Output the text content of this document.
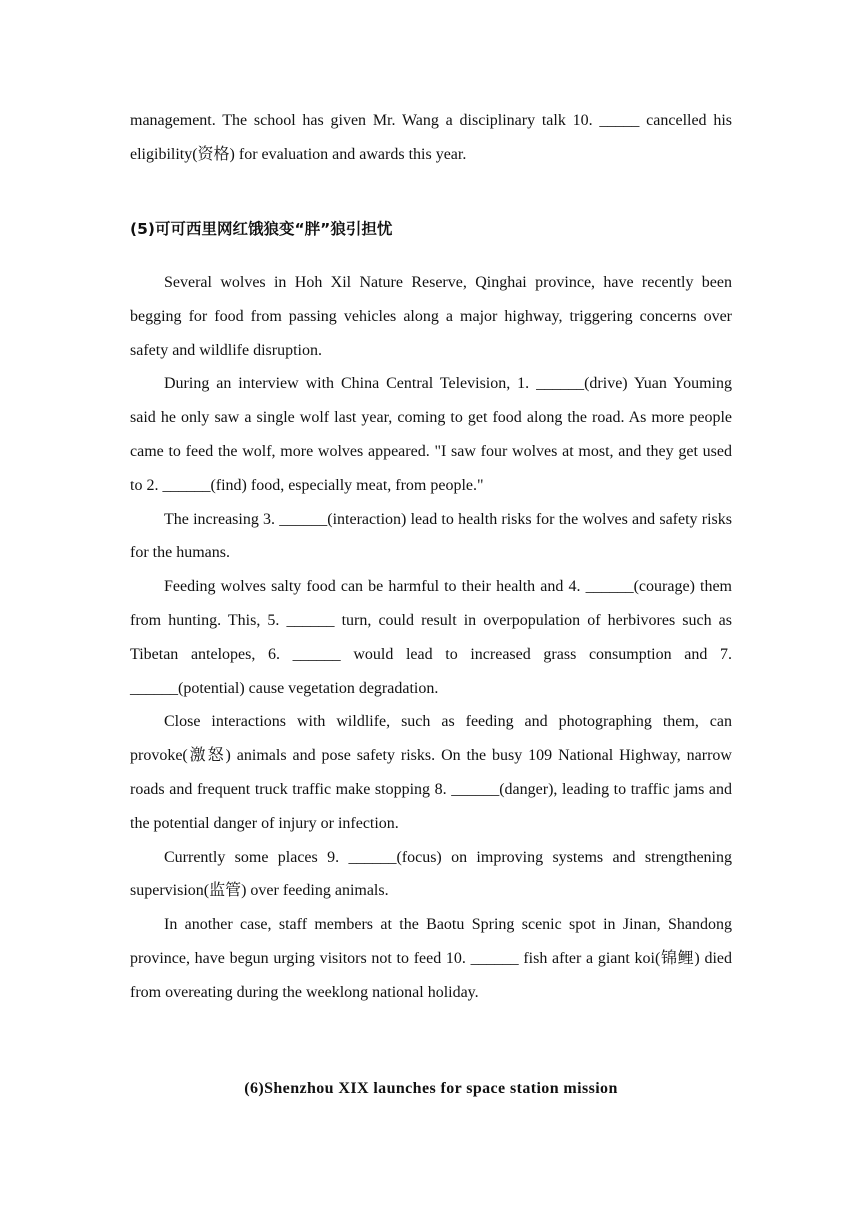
management. The school has given Mr. Wang a disciplinary talk 10. _____ cancelled his eligibility(资格) for evaluation and awards this year.

(5)可可西里网红饿狼变“胖”狼引担忧

Several wolves in Hoh Xil Nature Reserve, Qinghai province, have recently been begging for food from passing vehicles along a major highway, triggering concerns over safety and wildlife disruption.

During an interview with China Central Television, 1. ______(drive) Yuan Youming said he only saw a single wolf last year, coming to get food along the road. As more people came to feed the wolf, more wolves appeared. "I saw four wolves at most, and they get used to 2. ______(find) food, especially meat, from people."

The increasing 3. ______(interaction) lead to health risks for the wolves and safety risks for the humans.

Feeding wolves salty food can be harmful to their health and 4. ______(courage) them from hunting. This, 5. ______ turn, could result in overpopulation of herbivores such as Tibetan antelopes, 6. ______ would lead to increased grass consumption and 7. ______(potential) cause vegetation degradation.

Close interactions with wildlife, such as feeding and photographing them, can provoke(激怒) animals and pose safety risks. On the busy 109 National Highway, narrow roads and frequent truck traffic make stopping 8. ______(danger), leading to traffic jams and the potential danger of injury or infection.

Currently some places 9. ______(focus) on improving systems and strengthening supervision(监管) over feeding animals.

In another case, staff members at the Baotu Spring scenic spot in Jinan, Shandong province, have begun urging visitors not to feed 10. ______ fish after a giant koi(锦鲤) died from overeating during the weeklong national holiday.

(6)Shenzhou XIX launches for space station mission
